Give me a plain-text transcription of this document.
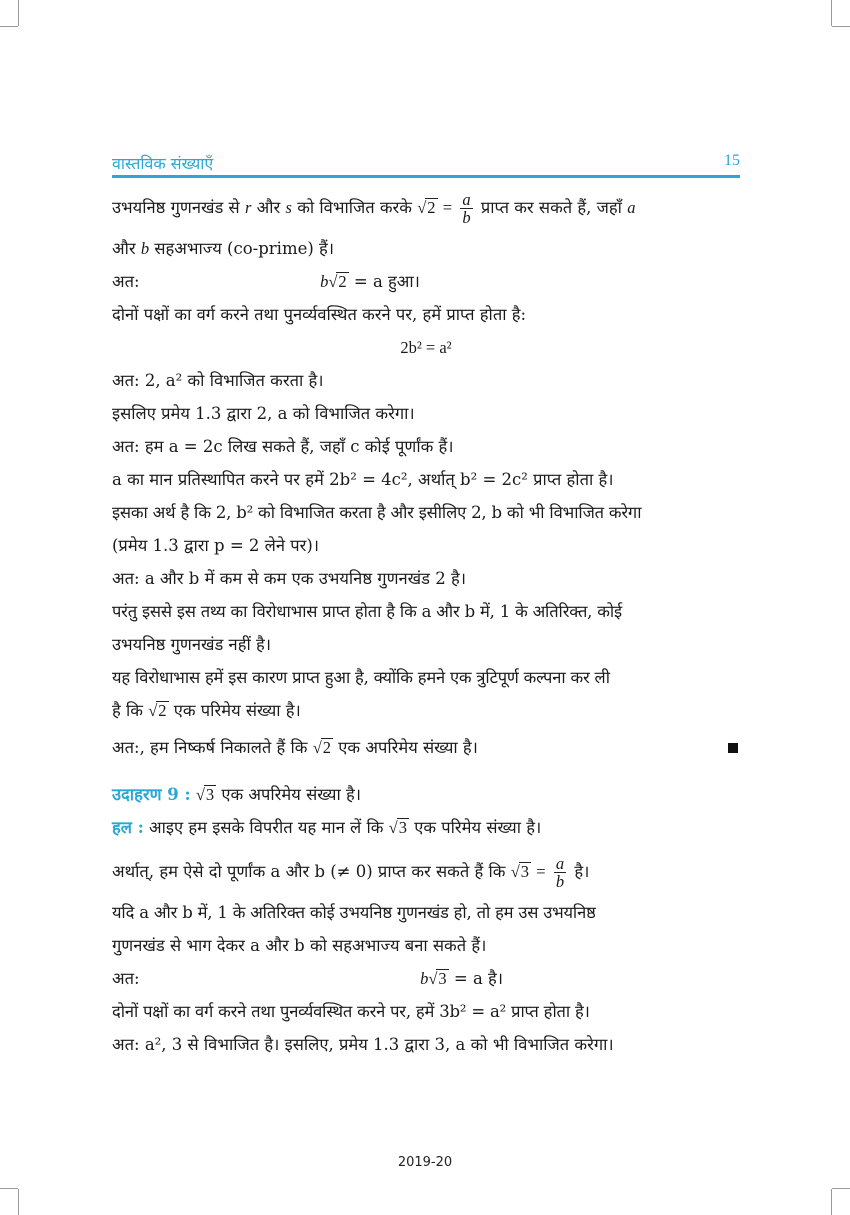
वास्तविक संख्याएँ	15
उभयनिष्ठ गुणनखंड से r और s को विभाजित करके $√2 = \frac{a}{b}$ प्राप्त कर सकते हैं, जहाँ a
और b सहअभाज्य (co-prime) हैं।
अत:	b√2 = a हुआ।
दोनों पक्षों का वर्ग करने तथा पुनर्व्यवस्थित करने पर, हमें प्राप्त होता है:
2b² = a²
अत: 2, a² को विभाजित करता है।
इसलिए प्रमेय 1.3 द्वारा 2, a को विभाजित करेगा।
अत: हम a = 2c लिख सकते हैं, जहाँ c कोई पूर्णांक हैं।
a का मान प्रतिस्थापित करने पर हमें 2b² = 4c², अर्थात् b² = 2c² प्राप्त होता है।
इसका अर्थ है कि 2, b² को विभाजित करता है और इसीलिए 2, b को भी विभाजित करेगा
(प्रमेय 1.3 द्वारा p = 2 लेने पर)।
अत: a और b में कम से कम एक उभयनिष्ठ गुणनखंड 2 है।
परंतु इससे इस तथ्य का विरोधाभास प्राप्त होता है कि a और b में, 1 के अतिरिक्त, कोई
उभयनिष्ठ गुणनखंड नहीं है।
यह विरोधाभास हमें इस कारण प्राप्त हुआ है, क्योंकि हमने एक त्रुटिपूर्ण कल्पना कर ली
है कि √2 एक परिमेय संख्या है।
अत:, हम निष्कर्ष निकालते हैं कि √2 एक अपरिमेय संख्या है।
उदाहरण 9 : √3 एक अपरिमेय संख्या है।
हल : आइए हम इसके विपरीत यह मान लें कि √3 एक परिमेय संख्या है।
अर्थात्, हम ऐसे दो पूर्णांक a और b (≠ 0) प्राप्त कर सकते हैं कि $√3 = \frac{a}{b}$ है।
यदि a और b में, 1 के अतिरिक्त कोई उभयनिष्ठ गुणनखंड हो, तो हम उस उभयनिष्ठ
गुणनखंड से भाग देकर a और b को सहअभाज्य बना सकते हैं।
अत:	b√3 = a है।
दोनों पक्षों का वर्ग करने तथा पुनर्व्यवस्थित करने पर, हमें 3b² = a² प्राप्त होता है।
अत: a², 3 से विभाजित है। इसलिए, प्रमेय 1.3 द्वारा 3, a को भी विभाजित करेगा।
2019-20
